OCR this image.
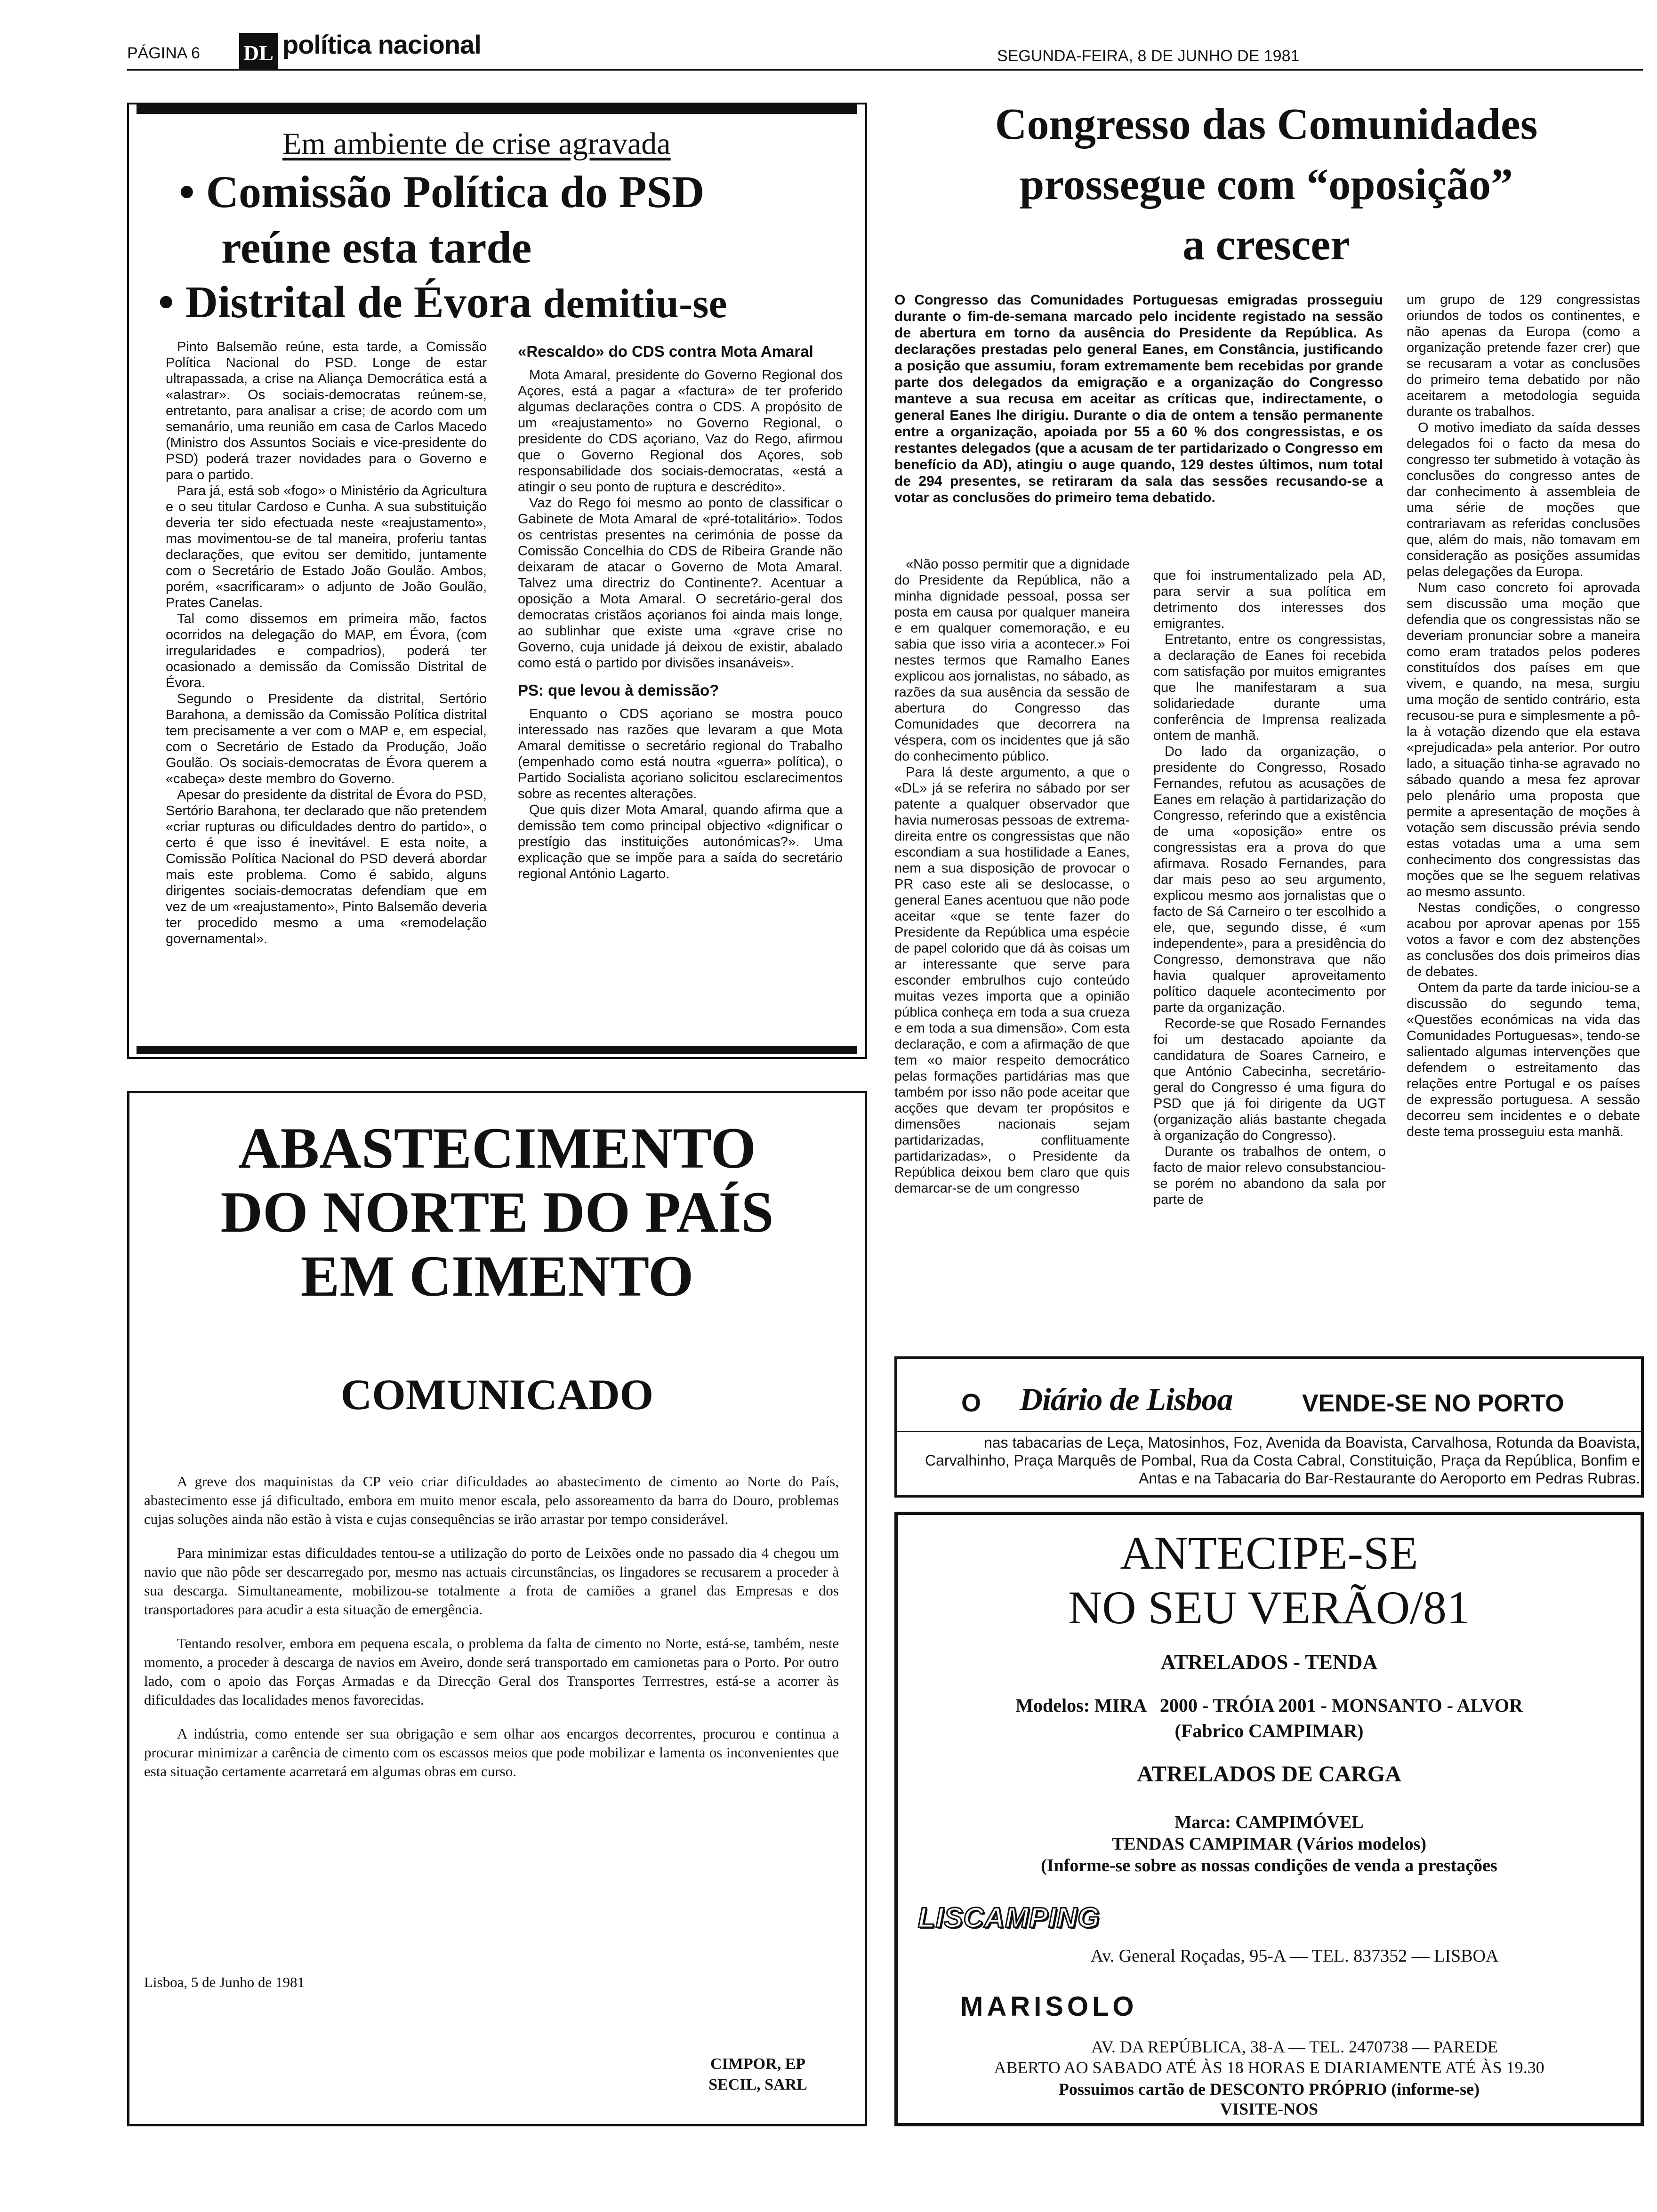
PÁGINA 6 DL política nacional	SEGUNDA-FEIRA, 8 DE JUNHO DE 1981
Em ambiente de crise agravada
• Comissão Política do PSD
reúne esta tarde
• Distrital de Évora demitiu-se

Pinto Balsemão reúne, esta tarde, a Comissão Política Nacional do PSD. Longe de estar ultrapassada, a crise na Aliança Democrática está a «alastrar». Os sociais-democratas reúnem-se, entretanto, para analisar a crise; de acordo com um semanário, uma reunião em casa de Carlos Macedo (Ministro dos Assuntos Sociais e vice-presidente do PSD) poderá trazer novidades para o Governo e para o partido.

Para já, está sob «fogo» o Ministério da Agricultura e o seu titular Cardoso e Cunha. A sua substituição deveria ter sido efectuada neste «reajustamento», mas movimentou-se de tal maneira, proferiu tantas declarações, que evitou ser demitido, juntamente com o Secretário de Estado João Goulão. Ambos, porém, «sacrificaram» o adjunto de João Goulão, Prates Canelas.

Tal como dissemos em primeira mão, factos ocorridos na delegação do MAP, em Évora, (com irregularidades e compadrios), poderá ter ocasionado a demissão da Comissão Distrital de Évora.

Segundo o Presidente da distrital, Sertório Barahona, a demissão da Comissão Política distrital tem precisamente a ver com o MAP e, em especial, com o Secretário de Estado da Produção, João Goulão. Os sociais-democratas de Évora querem a «cabeça» deste membro do Governo.

Apesar do presidente da distrital de Évora do PSD, Sertório Barahona, ter declarado que não pretendem «criar rupturas ou dificuldades dentro do partido», o certo é que isso é inevitável. E esta noite, a Comissão Política Nacional do PSD deverá abordar mais este problema. Como é sabido, alguns dirigentes sociais-democratas defendiam que em vez de um «reajustamento», Pinto Balsemão deveria ter procedido mesmo a uma «remodelação governamental».

«Rescaldo» do CDS contra Mota Amaral

Mota Amaral, presidente do Governo Regional dos Açores, está a pagar a «factura» de ter proferido algumas declarações contra o CDS. A propósito de um «reajustamento» no Governo Regional, o presidente do CDS açoriano, Vaz do Rego, afirmou que o Governo Regional dos Açores, sob responsabilidade dos sociais-democratas, «está a atingir o seu ponto de ruptura e descrédito».

Vaz do Rego foi mesmo ao ponto de classificar o Gabinete de Mota Amaral de «pré-totalitário». Todos os centristas presentes na cerimónia de posse da Comissão Concelhia do CDS de Ribeira Grande não deixaram de atacar o Governo de Mota Amaral. Talvez uma directriz do Continente?. Acentuar a oposição a Mota Amaral. O secretário-geral dos democratas cristãos açorianos foi ainda mais longe, ao sublinhar que existe uma «grave crise no Governo, cuja unidade já deixou de existir, abalado como está o partido por divisões insanáveis».

PS: que levou à demissão?

Enquanto o CDS açoriano se mostra pouco interessado nas razões que levaram a que Mota Amaral demitisse o secretário regional do Trabalho (empenhado como está noutra «guerra» política), o Partido Socialista açoriano solicitou esclarecimentos sobre as recentes alterações.

Que quis dizer Mota Amaral, quando afirma que a demissão tem como principal objectivo «dignificar o prestígio das instituições autonómicas?». Uma explicação que se impõe para a saída do secretário regional António Lagarto.

Congresso das Comunidades
prossegue com “oposição”
a crescer
O Congresso das Comunidades Portuguesas emigradas prosseguiu durante o fim-de-semana marcado pelo incidente registado na sessão de abertura em torno da ausência do Presidente da República. As declarações prestadas pelo general Eanes, em Constância, justificando a posição que assumiu, foram extremamente bem recebidas por grande parte dos delegados da emigração e a organização do Congresso manteve a sua recusa em aceitar as críticas que, indirectamente, o general Eanes lhe dirigiu. Durante o dia de ontem a tensão permanente entre a organização, apoiada por 55 a 60 % dos congressistas, e os restantes delegados (que a acusam de ter partidarizado o Congresso em benefício da AD), atingiu o auge quando, 129 destes últimos, num total de 294 presentes, se retiraram da sala das sessões recusando-se a votar as conclusões do primeiro tema debatido.

«Não posso permitir que a dignidade do Presidente da República, não a minha dignidade pessoal, possa ser posta em causa por qualquer maneira e em qualquer comemoração, e eu sabia que isso viria a acontecer.» Foi nestes termos que Ramalho Eanes explicou aos jornalistas, no sábado, as razões da sua ausência da sessão de abertura do Congresso das Comunidades que decorrera na véspera, com os incidentes que já são do conhecimento público.

Para lá deste argumento, a que o «DL» já se referira no sábado por ser patente a qualquer observador que havia numerosas pessoas de extrema-direita entre os congressistas que não escondiam a sua hostilidade a Eanes, nem a sua disposição de provocar o PR caso este ali se deslocasse, o general Eanes acentuou que não pode aceitar «que se tente fazer do Presidente da República uma espécie de papel colorido que dá às coisas um ar interessante que serve para esconder embrulhos cujo conteúdo muitas vezes importa que a opinião pública conheça em toda a sua crueza e em toda a sua dimensão». Com esta declaração, e com a afirmação de que tem «o maior respeito democrático pelas formações partidárias mas que também por isso não pode aceitar que acções que devam ter propósitos e dimensões nacionais sejam partidarizadas, conflituamente partidarizadas», o Presidente da República deixou bem claro que quis demarcar-se de um congresso

que foi instrumentalizado pela AD, para servir a sua política em detrimento dos interesses dos emigrantes.

Entretanto, entre os congressistas, a declaração de Eanes foi recebida com satisfação por muitos emigrantes que lhe manifestaram a sua solidariedade durante uma conferência de Imprensa realizada ontem de manhã.

Do lado da organização, o presidente do Congresso, Rosado Fernandes, refutou as acusações de Eanes em relação à partidarização do Congresso, referindo que a existência de uma «oposição» entre os congressistas era a prova do que afirmava. Rosado Fernandes, para dar mais peso ao seu argumento, explicou mesmo aos jornalistas que o facto de Sá Carneiro o ter escolhido a ele, que, segundo disse, é «um independente», para a presidência do Congresso, demonstrava que não havia qualquer aproveitamento político daquele acontecimento por parte da organização.

Recorde-se que Rosado Fernandes foi um destacado apoiante da candidatura de Soares Carneiro, e que António Cabecinha, secretário-geral do Congresso é uma figura do PSD que já foi dirigente da UGT (organização aliás bastante chegada à organização do Congresso).

Durante os trabalhos de ontem, o facto de maior relevo consubstanciou-se porém no abandono da sala por parte de

um grupo de 129 congressistas oriundos de todos os continentes, e não apenas da Europa (como a organização pretende fazer crer) que se recusaram a votar as conclusões do primeiro tema debatido por não aceitarem a metodologia seguida durante os trabalhos.

O motivo imediato da saída desses delegados foi o facto da mesa do congresso ter submetido à votação às conclusões do congresso antes de dar conhecimento à assembleia de uma série de moções que contrariavam as referidas conclusões que, além do mais, não tomavam em consideração as posições assumidas pelas delegações da Europa.

Num caso concreto foi aprovada sem discussão uma moção que defendia que os congressistas não se deveriam pronunciar sobre a maneira como eram tratados pelos poderes constituídos dos países em que vivem, e quando, na mesa, surgiu uma moção de sentido contrário, esta recusou-se pura e simplesmente a pô-la à votação dizendo que ela estava «prejudicada» pela anterior. Por outro lado, a situação tinha-se agravado no sábado quando a mesa fez aprovar pelo plenário uma proposta que permite a apresentação de moções à votação sem discussão prévia sendo estas votadas uma a uma sem conhecimento dos congressistas das moções que se lhe seguem relativas ao mesmo assunto.

Nestas condições, o congresso acabou por aprovar apenas por 155 votos a favor e com dez abstenções as conclusões dos dois primeiros dias de debates.

Ontem da parte da tarde iniciou-se a discussão do segundo tema, «Questões económicas na vida das Comunidades Portuguesas», tendo-se salientado algumas intervenções que defendem o estreitamento das relações entre Portugal e os países de expressão portuguesa. A sessão decorreu sem incidentes e o debate deste tema prosseguiu esta manhã.

ABASTECIMENTO
DO NORTE DO PAÍS
EM CIMENTO
COMUNICADO

A greve dos maquinistas da CP veio criar dificuldades ao abastecimento de cimento ao Norte do País, abastecimento esse já dificultado, embora em muito menor escala, pelo assoreamento da barra do Douro, problemas cujas soluções ainda não estão à vista e cujas consequências se irão arrastar por tempo considerável.

Para minimizar estas dificuldades tentou-se a utilização do porto de Leixões onde no passado dia 4 chegou um navio que não pôde ser descarregado por, mesmo nas actuais circunstâncias, os lingadores se recusarem a proceder à sua descarga. Simultaneamente, mobilizou-se totalmente a frota de camiões a granel das Empresas e dos transportadores para acudir a esta situação de emergência.

Tentando resolver, embora em pequena escala, o problema da falta de cimento no Norte, está-se, também, neste momento, a proceder à descarga de navios em Aveiro, donde será transportado em camionetas para o Porto. Por outro lado, com o apoio das Forças Armadas e da Direcção Geral dos Transportes Terrrestres, está-se a acorrer às dificuldades das localidades menos favorecidas.

A indústria, como entende ser sua obrigação e sem olhar aos encargos decorrentes, procurou e continua a procurar minimizar a carência de cimento com os escassos meios que pode mobilizar e lamenta os inconvenientes que esta situação certamente acarretará em algumas obras em curso.

Lisboa, 5 de Junho de 1981
CIMPOR, EP
SECIL, SARL
O Diário de Lisboa	VENDE-SE NO PORTO
nas tabacarias de Leça, Matosinhos, Foz, Avenida da Boavista, Carvalhosa, Rotunda da Boavista, Carvalhinho, Praça Marquês de Pombal, Rua da Costa Cabral, Constituição, Praça da República, Bonfim e Antas e na Tabacaria do Bar-Restaurante do Aeroporto em Pedras Rubras.
ANTECIPE-SE
NO SEU VERÃO/81
ATRELADOS - TENDA
Modelos: MIRA   2000 - TRÓIA 2001 - MONSANTO - ALVOR
(Fabrico CAMPIMAR)
ATRELADOS DE CARGA
Marca: CAMPIMÓVEL
TENDAS CAMPIMAR (Vários modelos)
(Informe-se sobre as nossas condições de venda a prestações
LISCAMPING
Av. General Roçadas, 95-A — TEL. 837352 — LISBOA
MARISOLO
AV. DA REPÚBLICA, 38-A — TEL. 2470738 — PAREDE
ABERTO AO SABADO ATÉ ÀS 18 HORAS E DIARIAMENTE ATÉ ÀS 19.30
Possuimos cartão de DESCONTO PRÓPRIO (informe-se)
VISITE-NOS
